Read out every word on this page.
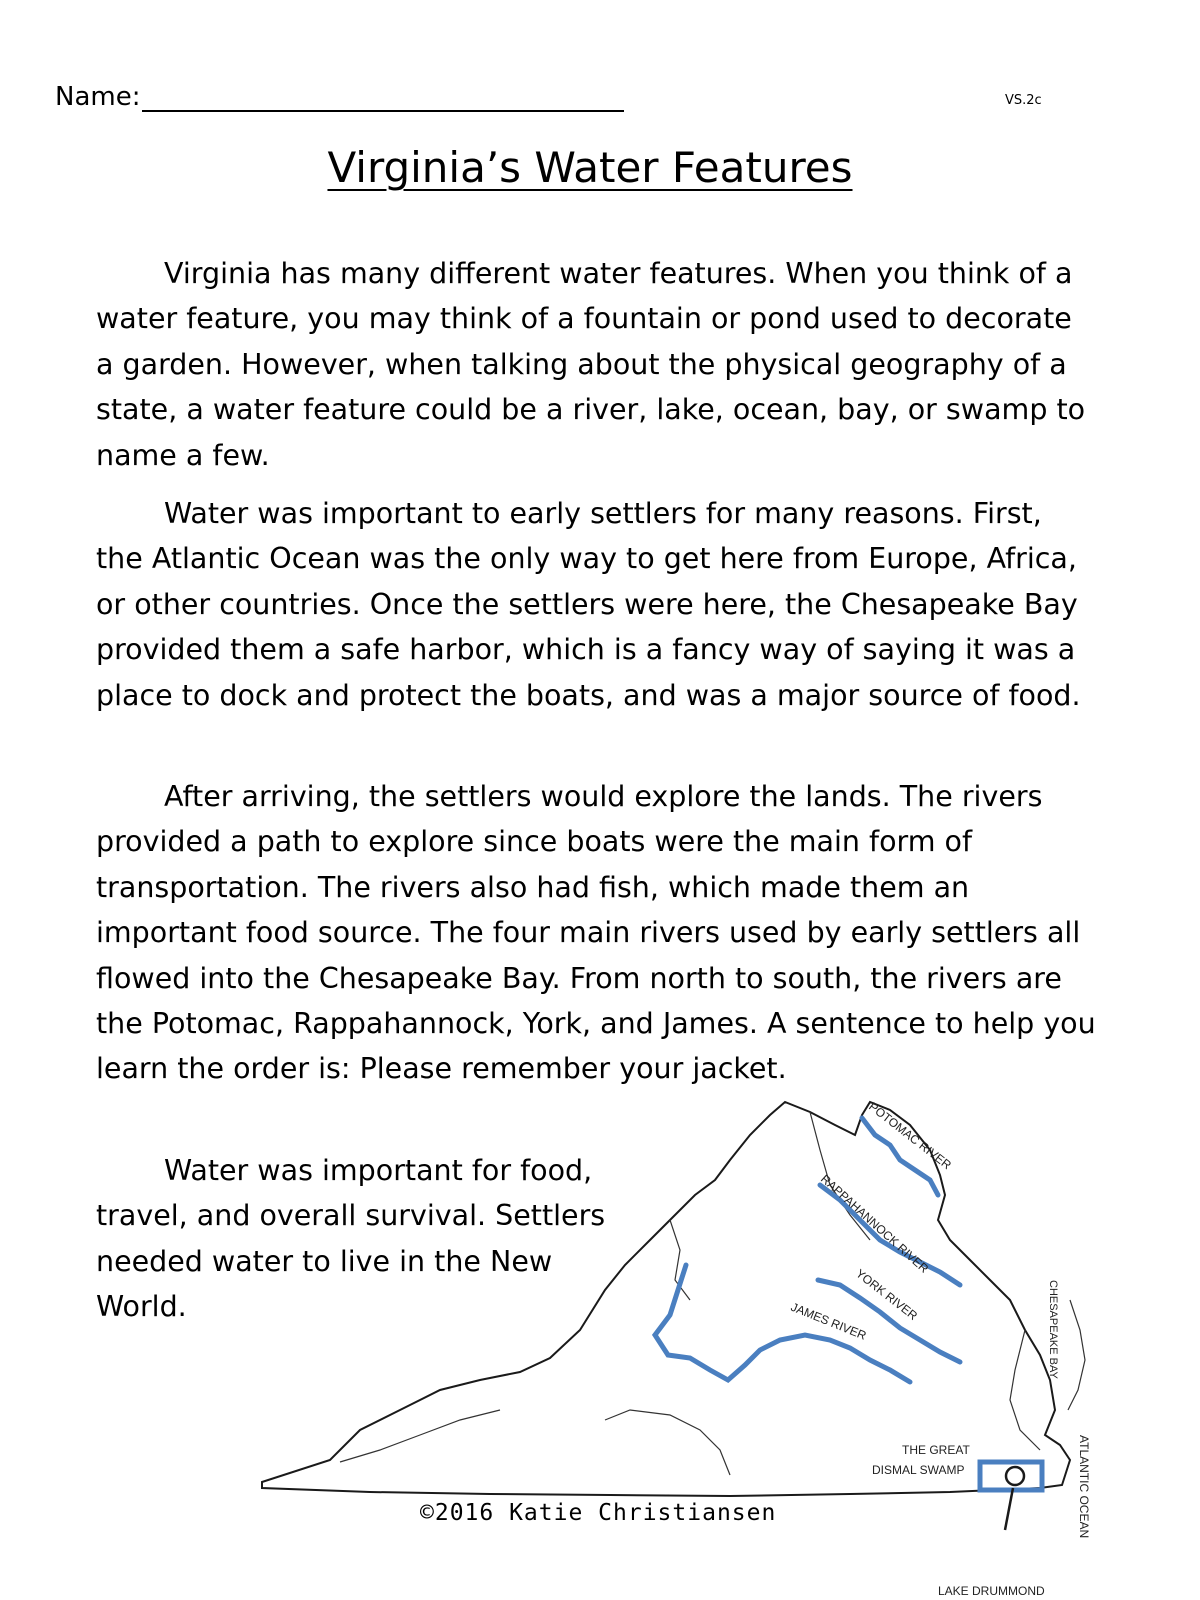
Name:	VS.2c
Virginia’s Water Features

Virginia has many different water features. When you think of a water feature, you may think of a fountain or pond used to decorate a garden. However, when talking about the physical geography of a state, a water feature could be a river, lake, ocean, bay, or swamp to name a few.

Water was important to early settlers for many reasons. First, the Atlantic Ocean was the only way to get here from Europe, Africa, or other countries. Once the settlers were here, the Chesapeake Bay provided them a safe harbor, which is a fancy way of saying it was a place to dock and protect the boats, and was a major source of food.

After arriving, the settlers would explore the lands. The rivers provided a path to explore since boats were the main form of transportation. The rivers also had fish, which made them an important food source. The four main rivers used by early settlers all flowed into the Chesapeake Bay. From north to south, the rivers are the Potomac, Rappahannock, York, and James. A sentence to help you learn the order is: Please remember your jacket.

Water was important for food, travel, and overall survival. Settlers needed water to live in the New World.

POTOMAC RIVER
RAPPAHANNOCK RIVER
YORK RIVER
JAMES RIVER	CHESAPEAKE BAY
THE GREAT
DISMAL SWAMP
LAKE DRUMMOND
ATLANTIC OCEAN
©2016 Katie Christiansen
